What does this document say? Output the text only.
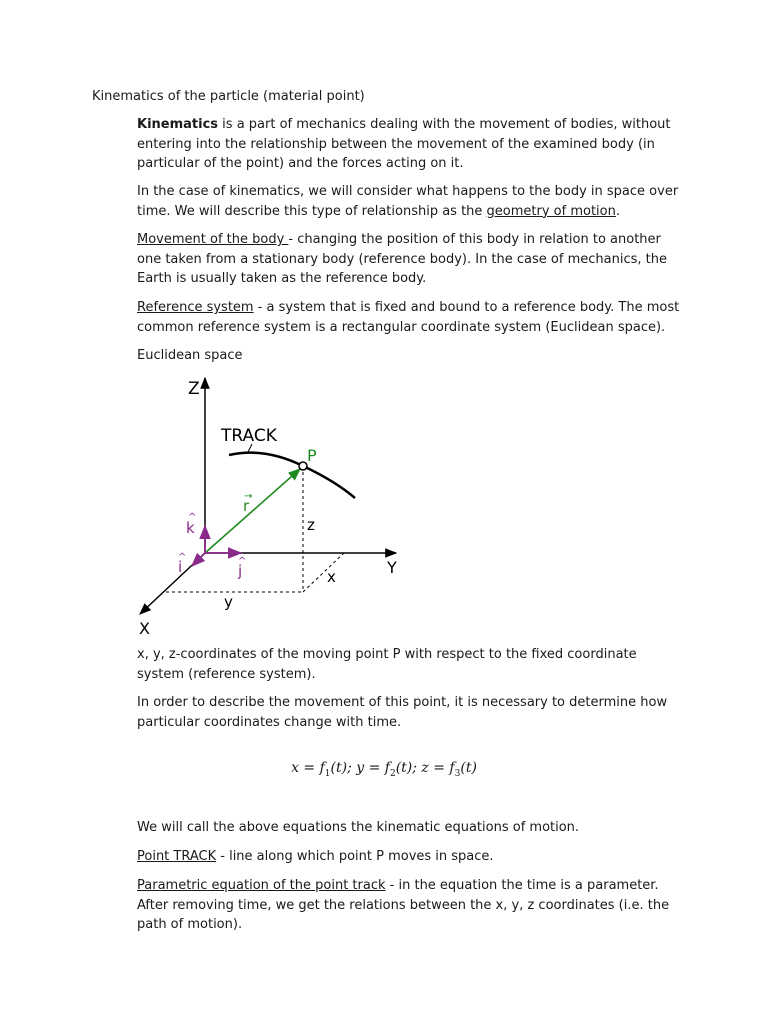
Kinematics of the particle (material point)

Kinematics is a part of mechanics dealing with the movement of bodies, without entering into the relationship between the movement of the examined body (in particular of the point) and the forces acting on it.

In the case of kinematics, we will consider what happens to the body in space over time. We will describe this type of relationship as the geometry of motion.

Movement of the body - changing the position of this body in relation to another one taken from a stationary body (reference body). In the case of mechanics, the Earth is usually taken as the reference body.

Reference system - a system that is fixed and bound to a reference body. The most common reference system is a rectangular coordinate system (Euclidean space).

Euclidean space

Z
Y
X
TRACK
P
r
→
k
^
i
^
j
^
z
x
y

x, y, z-coordinates of the moving point P with respect to the fixed coordinate system (reference system).

In order to describe the movement of this point, it is necessary to determine how particular coordinates change with time.

$x = f_1(t)$; $y = f_2(t)$; $z = f_3(t)$

We will call the above equations the kinematic equations of motion.

Point TRACK - line along which point P moves in space.

Parametric equation of the point track - in the equation the time is a parameter. After removing time, we get the relations between the x, y, z coordinates (i.e. the path of motion).
